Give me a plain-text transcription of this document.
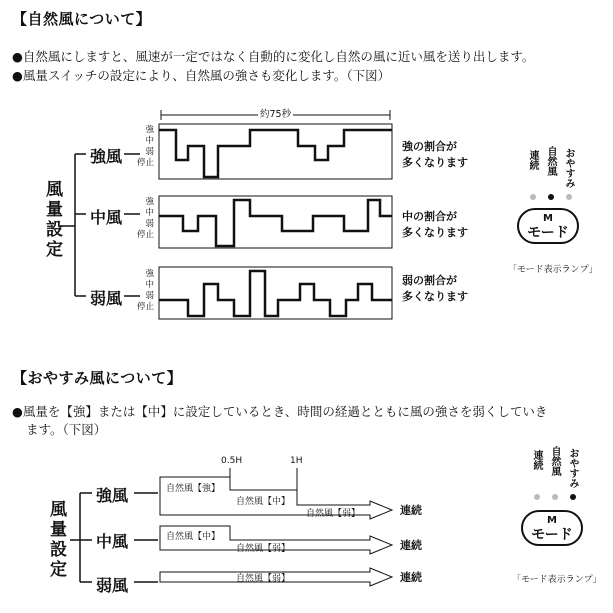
【自然風について】
●自然風にしますと、風速が一定ではなく自動的に変化し自然の風に近い風を送り出します。
●風量スイッチの設定により、自然風の強さも変化します。（下図）
風量設定
強風
中風
弱風
強
中
弱
停止
強
中
弱
停止
強
中
弱
停止
約75秒
強の割合が
多くなります
中の割合が
多くなります
弱の割合が
多くなります
連続 自然風 おやすみ
M
モード
「モード表示ランプ」
【おやすみ風について】
●風量を【強】または【中】に設定しているとき、時間の経過とともに風の強さを弱くしていき
ます。（下図）
風量設定
強風
中風
弱風
0.5H	1H
自然風【強】
自然風【中】
自然風【弱】	連続
自然風【中】
自然風【弱】	連続
自然風【弱】	連続
連続 自然風 おやすみ
M
モード
「モード表示ランプ」
